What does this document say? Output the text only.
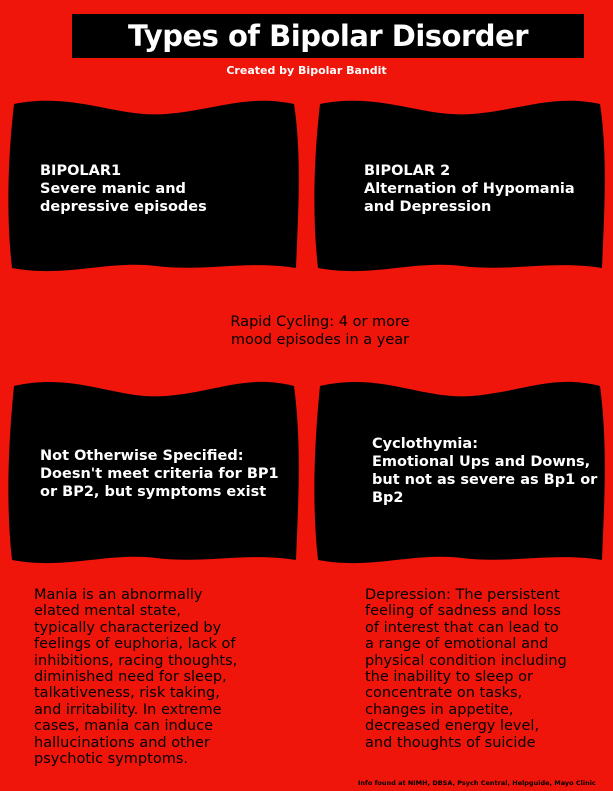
Types of Bipolar Disorder
Created by Bipolar Bandit
BIPOLAR1
Severe manic and
depressive episodes
BIPOLAR 2
Alternation of Hypomania
and Depression
Rapid Cycling: 4 or more
mood episodes in a year
Not Otherwise Specified:
Doesn't meet criteria for BP1
or BP2, but symptoms exist
Cyclothymia:
Emotional Ups and Downs,
but not as severe as Bp1 or
Bp2
Mania is an abnormally
elated mental state,
typically characterized by
feelings of euphoria, lack of
inhibitions, racing thoughts,
diminished need for sleep,
talkativeness, risk taking,
and irritability. In extreme
cases, mania can induce
hallucinations and other
psychotic symptoms.
Depression: The persistent
feeling of sadness and loss
of interest that can lead to
a range of emotional and
physical condition including
the inability to sleep or
concentrate on tasks,
changes in appetite,
decreased energy level,
and thoughts of suicide
Info found at NIMH, DBSA, Psych Central, Helpguide, Mayo Clinic
